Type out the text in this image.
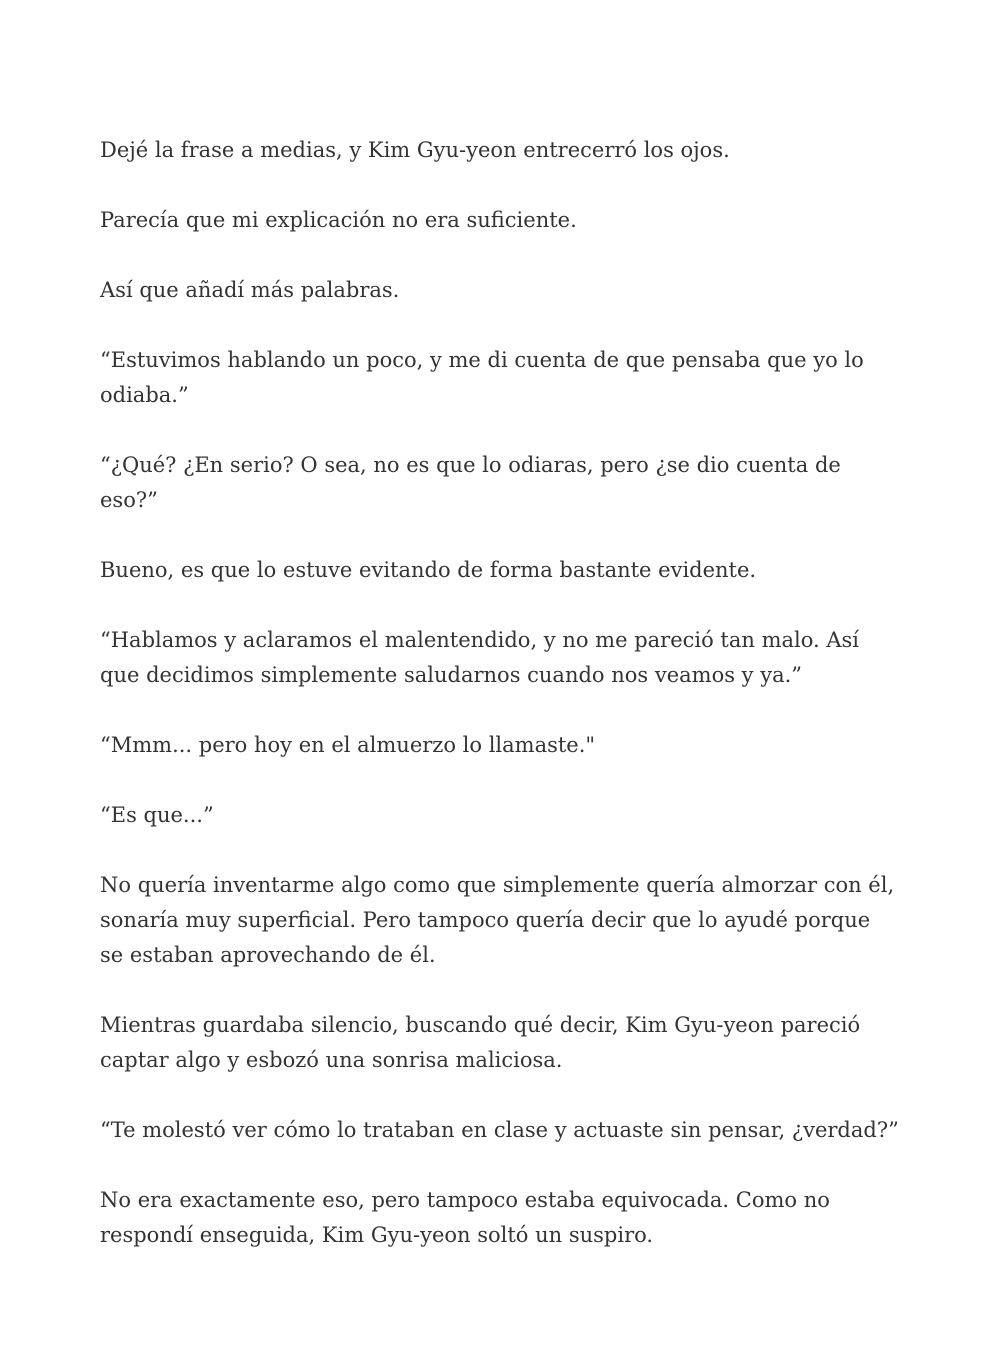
Dejé la frase a medias, y Kim Gyu-yeon entrecerró los ojos.

Parecía que mi explicación no era suficiente.

Así que añadí más palabras.

“Estuvimos hablando un poco, y me di cuenta de que pensaba que yo lo odiaba.”

“¿Qué? ¿En serio? O sea, no es que lo odiaras, pero ¿se dio cuenta de eso?”

Bueno, es que lo estuve evitando de forma bastante evidente.

“Hablamos y aclaramos el malentendido, y no me pareció tan malo. Así que decidimos simplemente saludarnos cuando nos veamos y ya.”

“Mmm... pero hoy en el almuerzo lo llamaste."

“Es que...”

No quería inventarme algo como que simplemente quería almorzar con él, sonaría muy superficial. Pero tampoco quería decir que lo ayudé porque se estaban aprovechando de él.

Mientras guardaba silencio, buscando qué decir, Kim Gyu-yeon pareció captar algo y esbozó una sonrisa maliciosa.

“Te molestó ver cómo lo trataban en clase y actuaste sin pensar, ¿verdad?”

No era exactamente eso, pero tampoco estaba equivocada. Como no respondí enseguida, Kim Gyu-yeon soltó un suspiro.
